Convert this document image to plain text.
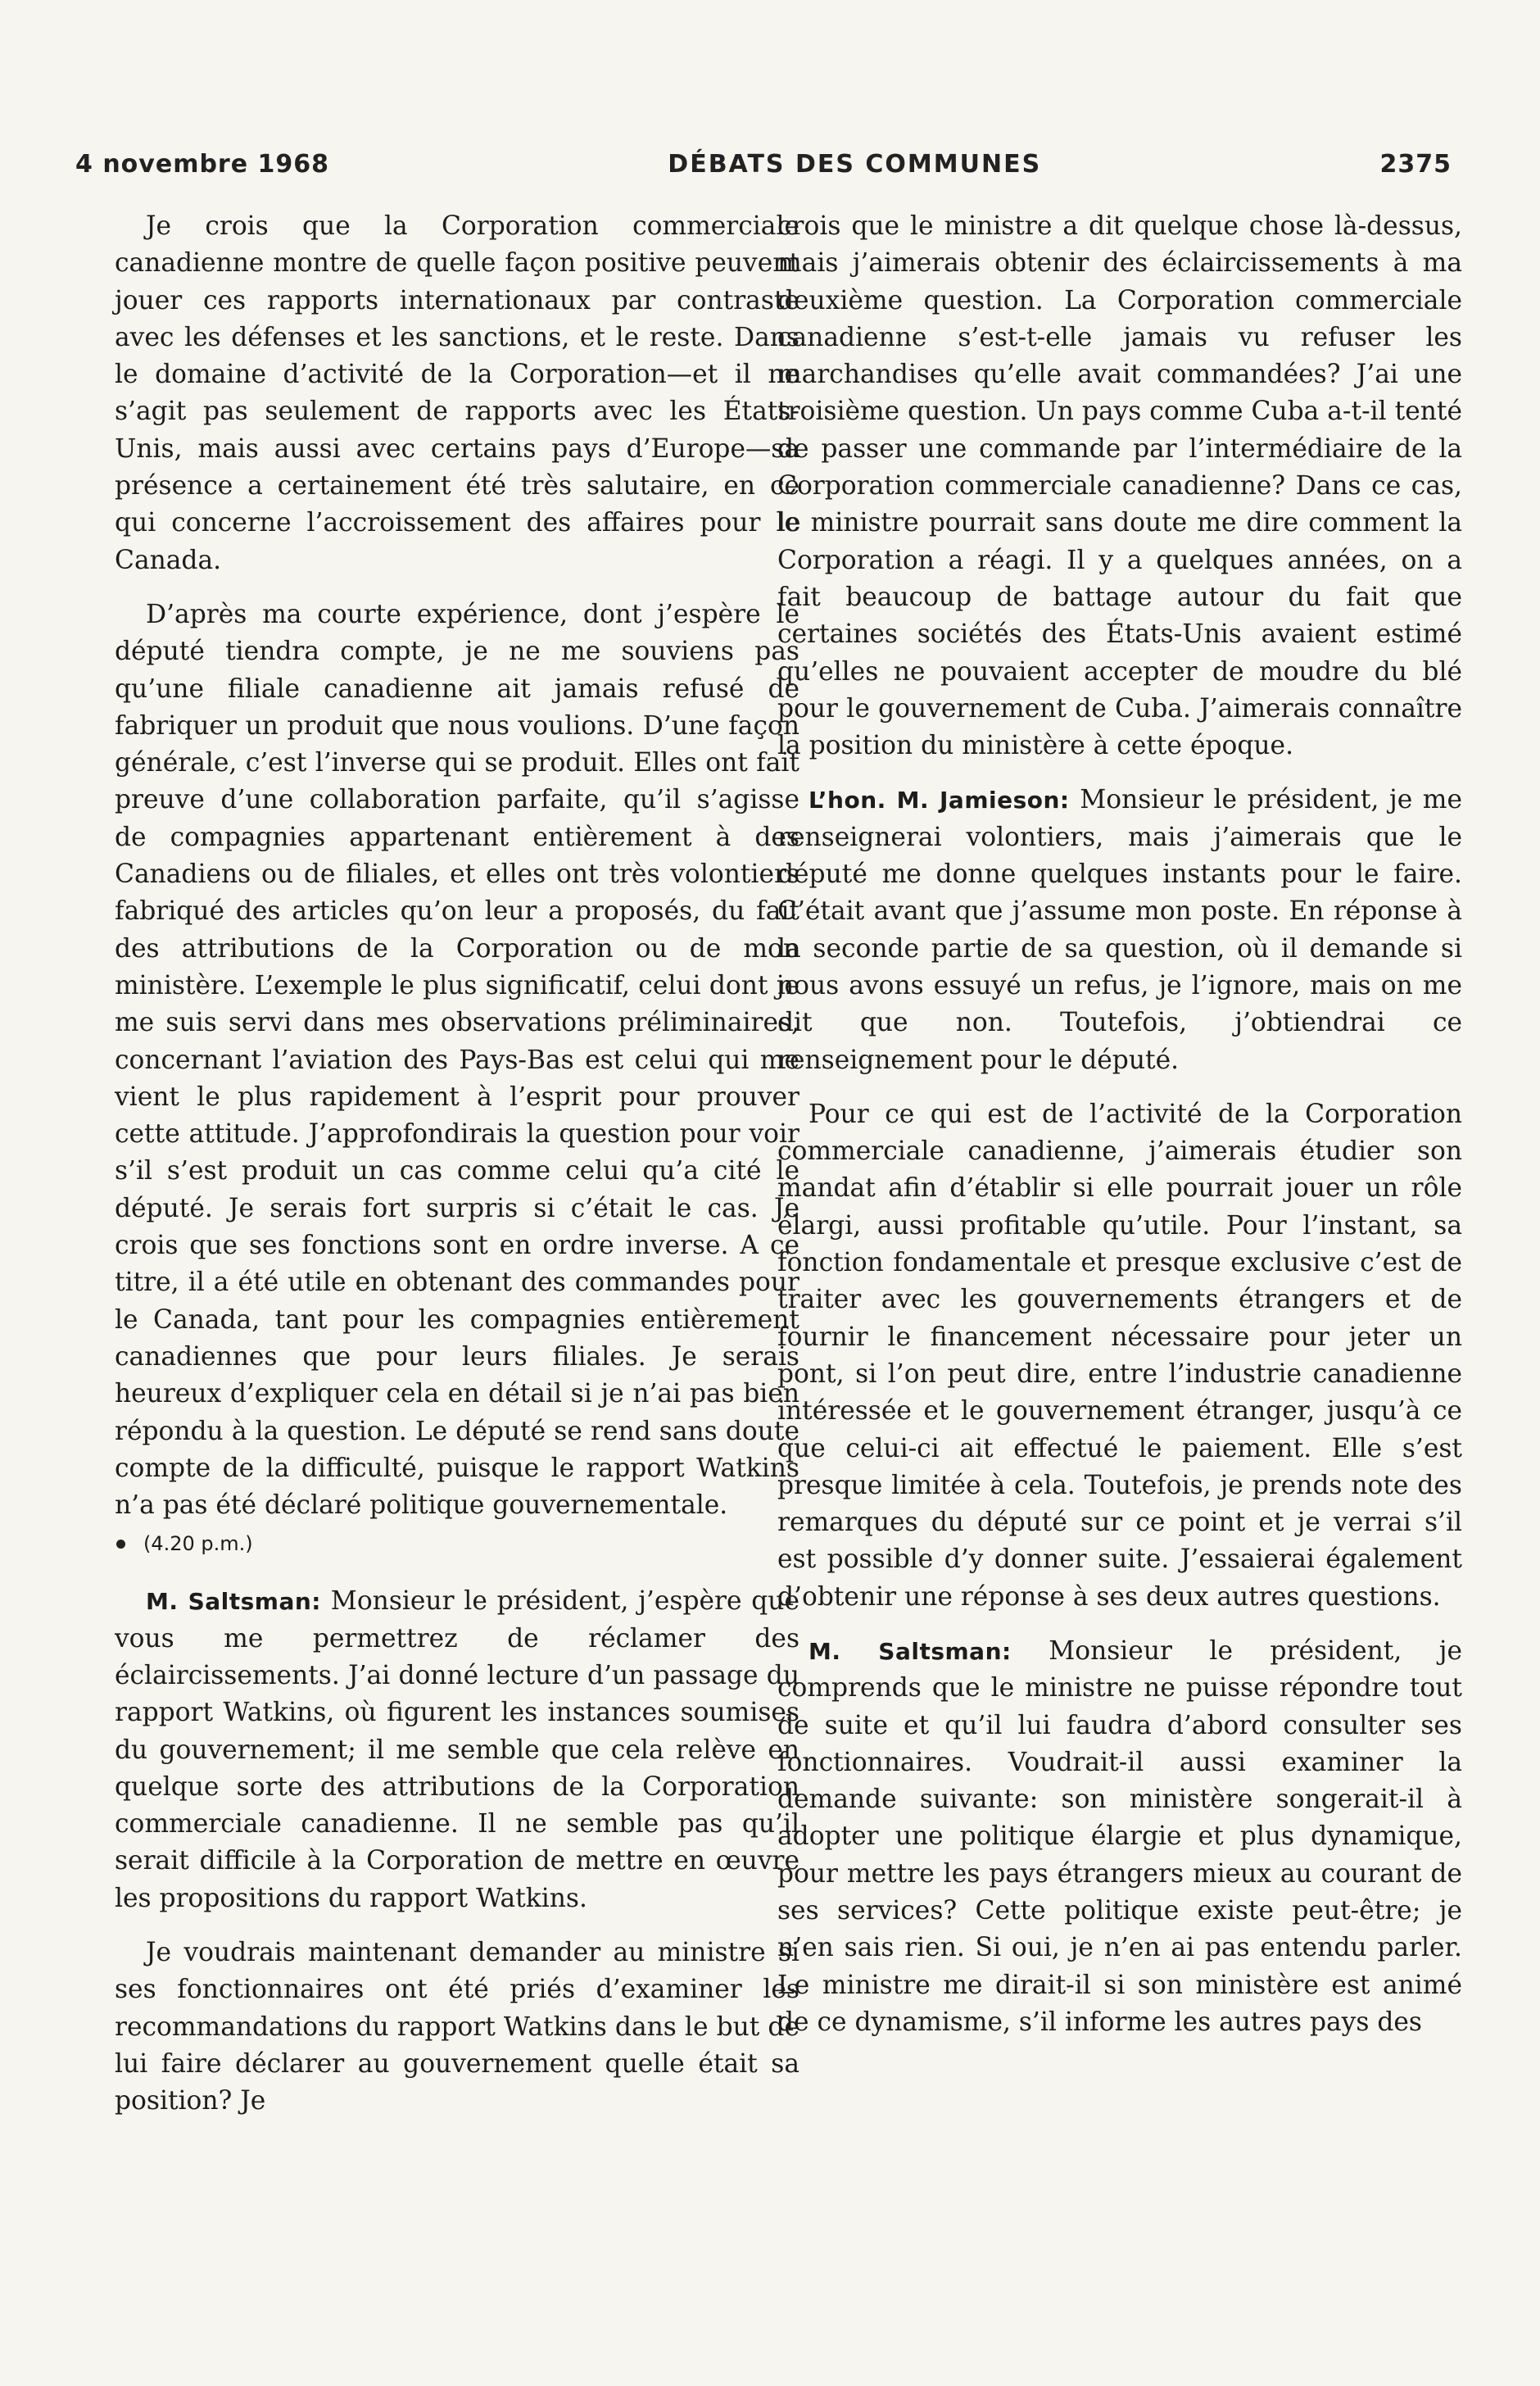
4 novembre 1968	DÉBATS DES COMMUNES	2375

Je crois que la Corporation commerciale canadienne montre de quelle façon positive peuvent jouer ces rapports internationaux par contraste avec les défenses et les sanctions, et le reste. Dans le domaine d’activité de la Corporation—et il ne s’agit pas seulement de rapports avec les États-Unis, mais aussi avec certains pays d’Europe—sa présence a certainement été très salutaire, en ce qui concerne l’accroissement des affaires pour le Canada.

D’après ma courte expérience, dont j’espère le député tiendra compte, je ne me souviens pas qu’une filiale canadienne ait jamais refusé de fabriquer un produit que nous voulions. D’une façon générale, c’est l’inverse qui se produit. Elles ont fait preuve d’une collaboration parfaite, qu’il s’agisse de compagnies appartenant entièrement à des Canadiens ou de filiales, et elles ont très volontiers fabriqué des articles qu’on leur a proposés, du fait des attributions de la Corporation ou de mon ministère. L’exemple le plus significatif, celui dont je me suis servi dans mes observations préliminaires, concernant l’aviation des Pays-Bas est celui qui me vient le plus rapidement à l’esprit pour prouver cette attitude. J’approfondirais la question pour voir s’il s’est produit un cas comme celui qu’a cité le député. Je serais fort surpris si c’était le cas. Je crois que ses fonctions sont en ordre inverse. A ce titre, il a été utile en obtenant des commandes pour le Canada, tant pour les compagnies entièrement canadiennes que pour leurs filiales. Je serais heureux d’expliquer cela en détail si je n’ai pas bien répondu à la question. Le député se rend sans doute compte de la difficulté, puisque le rapport Watkins n’a pas été déclaré politique gouvernementale.

(4.20 p.m.)

M. Saltsman: Monsieur le président, j’espère que vous me permettrez de réclamer des éclaircissements. J’ai donné lecture d’un passage du rapport Watkins, où figurent les instances soumises du gouvernement; il me semble que cela relève en quelque sorte des attributions de la Corporation commerciale canadienne. Il ne semble pas qu’il serait difficile à la Corporation de mettre en œuvre les propositions du rapport Watkins.

Je voudrais maintenant demander au ministre si ses fonctionnaires ont été priés d’examiner les recommandations du rapport Watkins dans le but de lui faire déclarer au gouvernement quelle était sa position? Je

crois que le ministre a dit quelque chose là-dessus, mais j’aimerais obtenir des éclaircissements à ma deuxième question. La Corporation commerciale canadienne s’est-t-elle jamais vu refuser les marchandises qu’elle avait commandées? J’ai une troisième question. Un pays comme Cuba a-t-il tenté de passer une commande par l’intermédiaire de la Corporation commerciale canadienne? Dans ce cas, le ministre pourrait sans doute me dire comment la Corporation a réagi. Il y a quelques années, on a fait beaucoup de battage autour du fait que certaines sociétés des États-Unis avaient estimé qu’elles ne pouvaient accepter de moudre du blé pour le gouvernement de Cuba. J’aimerais connaître la position du ministère à cette époque.

L’hon. M. Jamieson: Monsieur le président, je me renseignerai volontiers, mais j’aimerais que le député me donne quelques instants pour le faire. C’était avant que j’assume mon poste. En réponse à la seconde partie de sa question, où il demande si nous avons essuyé un refus, je l’ignore, mais on me dit que non. Toutefois, j’obtiendrai ce renseignement pour le député.

Pour ce qui est de l’activité de la Corporation commerciale canadienne, j’aimerais étudier son mandat afin d’établir si elle pourrait jouer un rôle élargi, aussi profitable qu’utile. Pour l’instant, sa fonction fondamentale et presque exclusive c’est de traiter avec les gouvernements étrangers et de fournir le financement nécessaire pour jeter un pont, si l’on peut dire, entre l’industrie canadienne intéressée et le gouvernement étranger, jusqu’à ce que celui-ci ait effectué le paiement. Elle s’est presque limitée à cela. Toutefois, je prends note des remarques du député sur ce point et je verrai s’il est possible d’y donner suite. J’essaierai également d’obtenir une réponse à ses deux autres questions.

M. Saltsman: Monsieur le président, je comprends que le ministre ne puisse répondre tout de suite et qu’il lui faudra d’abord consulter ses fonctionnaires. Voudrait-il aussi examiner la demande suivante: son ministère songerait-il à adopter une politique élargie et plus dynamique, pour mettre les pays étrangers mieux au courant de ses services? Cette politique existe peut-être; je n’en sais rien. Si oui, je n’en ai pas entendu parler. Le ministre me dirait-il si son ministère est animé de ce dynamisme, s’il informe les autres pays des
